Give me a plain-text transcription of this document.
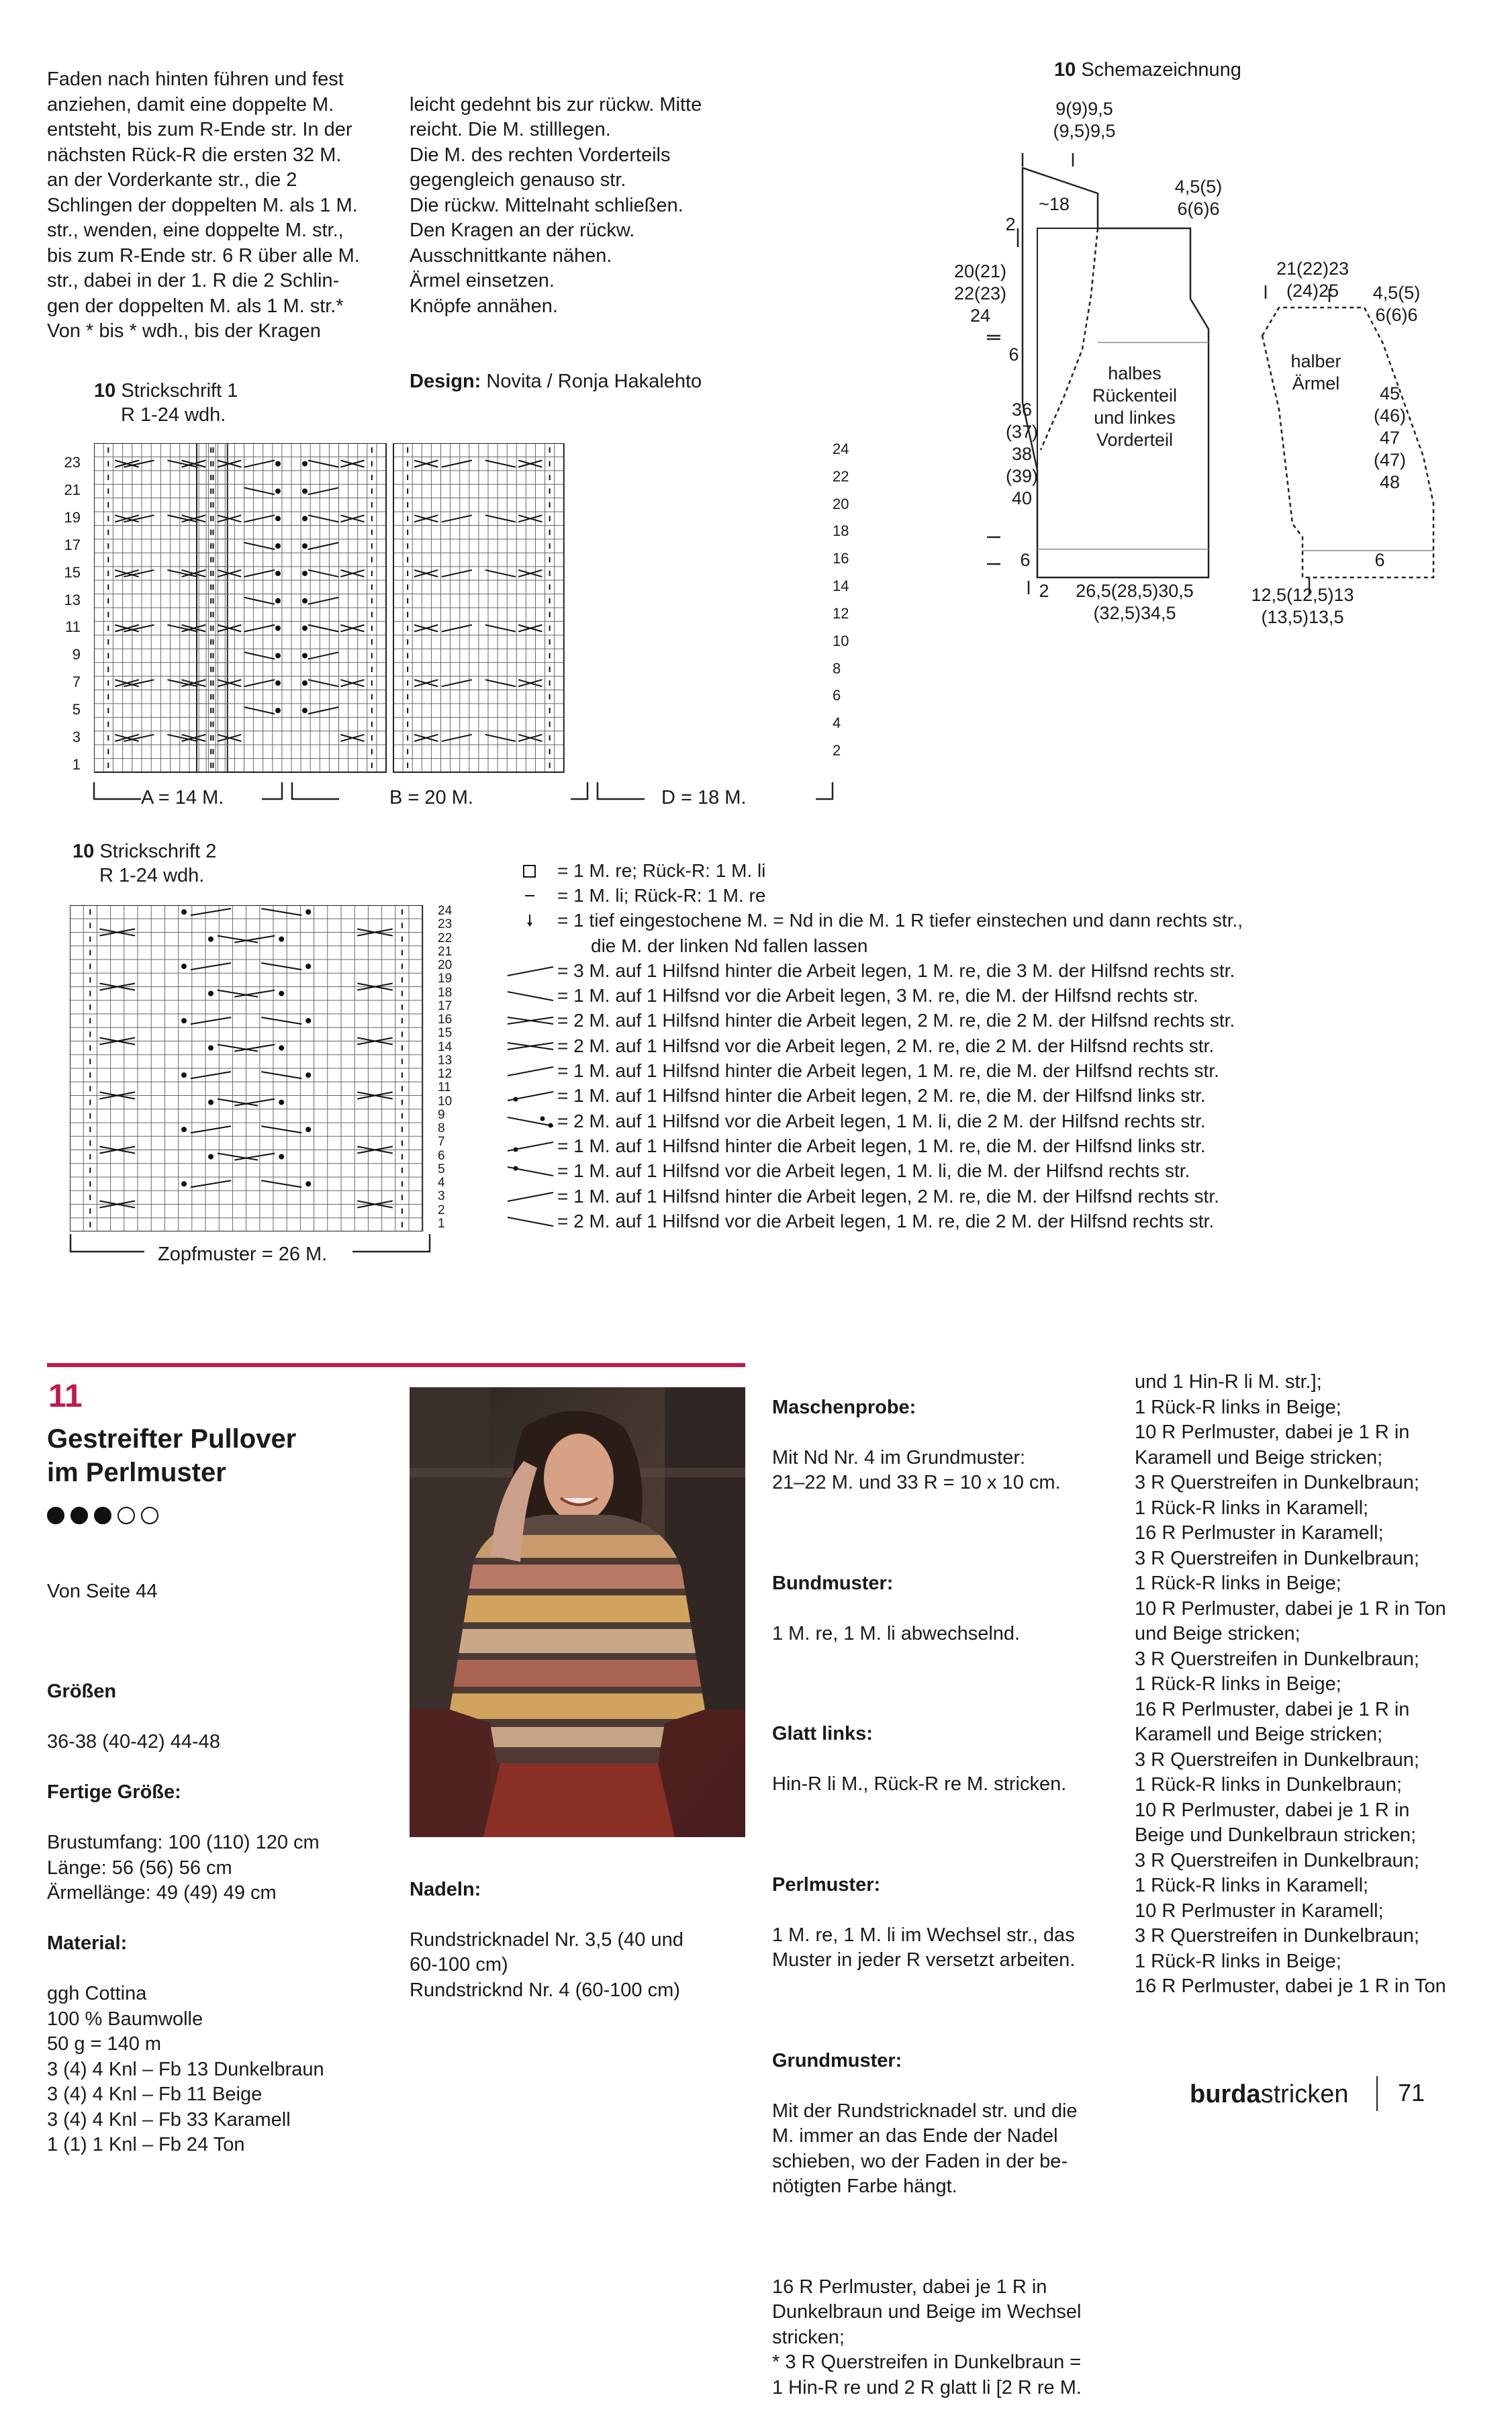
Faden nach hinten führen und fest
anziehen, damit eine doppelte M.
entsteht, bis zum R-Ende str. In der
nächsten Rück-R die ersten 32 M.
an der Vorderkante str., die 2
Schlingen der doppelten M. als 1 M.
str., wenden, eine doppelte M. str.,
bis zum R-Ende str. 6 R über alle M.
str., dabei in der 1. R die 2 Schlin-
gen der doppelten M. als 1 M. str.*
Von * bis * wdh., bis der Kragen

leicht gedehnt bis zur rückw. Mitte
reicht. Die M. stilllegen.
Die M. des rechten Vorderteils
gegengleich genauso str.
Die rückw. Mittelnaht schließen.
Den Kragen an der rückw.
Ausschnittkante nähen.
Ärmel einsetzen.
Knöpfe annähen.

Design: Novita / Ronja Hakalehto

10 Schemazeichnung
9(9)9,5
(9,5)9,5
~18
2
4,5(5)
6(6)6
20(21)
22(23)
24
6
36
(37)
38
(39)
40
6
2	26,5(28,5)30,5
(32,5)34,5
halbes
Rückenteil
und linkes
Vorderteil
21(22)23
(24)25	4,5(5)
6(6)6
halber
Ärmel	45
(46)
47
(47)
48
6
12,5(12,5)13
(13,5)13,5
10 Strickschrift 1
R 1-24 wdh.
23
21
19
17
15
13
11
9
7
5
3
1
24
22
20
18
16
14
12
10
8
6
4
2
A = 14 M.	B = 20 M.	D = 18 M.
10 Strickschrift 2
R 1-24 wdh.
24
23
22
21
20
19
18
17
16
15
14
13
12
11
10
9
8
7
6
5
4
3
2
1
Zopfmuster = 26 M.
= 1 M. re; Rück-R: 1 M. li
= 1 M. li; Rück-R: 1 M. re
= 1 tief eingestochene M. = Nd in die M. 1 R tiefer einstechen und dann rechts str.,
die M. der linken Nd fallen lassen
= 3 M. auf 1 Hilfsnd hinter die Arbeit legen, 1 M. re, die 3 M. der Hilfsnd rechts str.
= 1 M. auf 1 Hilfsnd vor die Arbeit legen, 3 M. re, die M. der Hilfsnd rechts str.
= 2 M. auf 1 Hilfsnd hinter die Arbeit legen, 2 M. re, die 2 M. der Hilfsnd rechts str.
= 2 M. auf 1 Hilfsnd vor die Arbeit legen, 2 M. re, die 2 M. der Hilfsnd rechts str.
= 1 M. auf 1 Hilfsnd hinter die Arbeit legen, 1 M. re, die M. der Hilfsnd rechts str.
= 1 M. auf 1 Hilfsnd hinter die Arbeit legen, 2 M. re, die M. der Hilfsnd links str.
= 2 M. auf 1 Hilfsnd vor die Arbeit legen, 1 M. li, die 2 M. der Hilfsnd rechts str.
= 1 M. auf 1 Hilfsnd hinter die Arbeit legen, 1 M. re, die M. der Hilfsnd links str.
= 1 M. auf 1 Hilfsnd vor die Arbeit legen, 1 M. li, die M. der Hilfsnd rechts str.
= 1 M. auf 1 Hilfsnd hinter die Arbeit legen, 2 M. re, die M. der Hilfsnd rechts str.
= 2 M. auf 1 Hilfsnd vor die Arbeit legen, 1 M. re, die 2 M. der Hilfsnd rechts str.
11
Gestreifter Pullover
im Perlmuster

Von Seite 44

Größen

36-38 (40-42) 44-48

Fertige Größe:

Brustumfang: 100 (110) 120 cm
Länge: 56 (56) 56 cm
Ärmellänge: 49 (49) 49 cm

Material:

ggh Cottina
100 % Baumwolle
50 g = 140 m
3 (4) 4 Knl – Fb 13 Dunkelbraun
3 (4) 4 Knl – Fb 11 Beige
3 (4) 4 Knl – Fb 33 Karamell
1 (1) 1 Knl – Fb 24 Ton

Nadeln:

Rundstricknadel Nr. 3,5 (40 und
60-100 cm)
Rundstricknd Nr. 4 (60-100 cm)

Maschenprobe:

Mit Nd Nr. 4 im Grundmuster:
21–22 M. und 33 R = 10 x 10 cm.

Bundmuster:

1 M. re, 1 M. li abwechselnd.

Glatt links:

Hin-R li M., Rück-R re M. stricken.

Perlmuster:

1 M. re, 1 M. li im Wechsel str., das
Muster in jeder R versetzt arbeiten.

Grundmuster:

Mit der Rundstricknadel str. und die
M. immer an das Ende der Nadel
schieben, wo der Faden in der be-
nötigten Farbe hängt.

16 R Perlmuster, dabei je 1 R in
Dunkelbraun und Beige im Wechsel
stricken;
* 3 R Querstreifen in Dunkelbraun =
1 Hin-R re und 2 R glatt li [2 R re M.

und 1 Hin-R li M. str.];
1 Rück-R links in Beige;
10 R Perlmuster, dabei je 1 R in
Karamell und Beige stricken;
3 R Querstreifen in Dunkelbraun;
1 Rück-R links in Karamell;
16 R Perlmuster in Karamell;
3 R Querstreifen in Dunkelbraun;
1 Rück-R links in Beige;
10 R Perlmuster, dabei je 1 R in Ton
und Beige stricken;
3 R Querstreifen in Dunkelbraun;
1 Rück-R links in Beige;
16 R Perlmuster, dabei je 1 R in
Karamell und Beige stricken;
3 R Querstreifen in Dunkelbraun;
1 Rück-R links in Dunkelbraun;
10 R Perlmuster, dabei je 1 R in
Beige und Dunkelbraun stricken;
3 R Querstreifen in Dunkelbraun;
1 Rück-R links in Karamell;
10 R Perlmuster in Karamell;
3 R Querstreifen in Dunkelbraun;
1 Rück-R links in Beige;
16 R Perlmuster, dabei je 1 R in Ton
burdastricken 71
